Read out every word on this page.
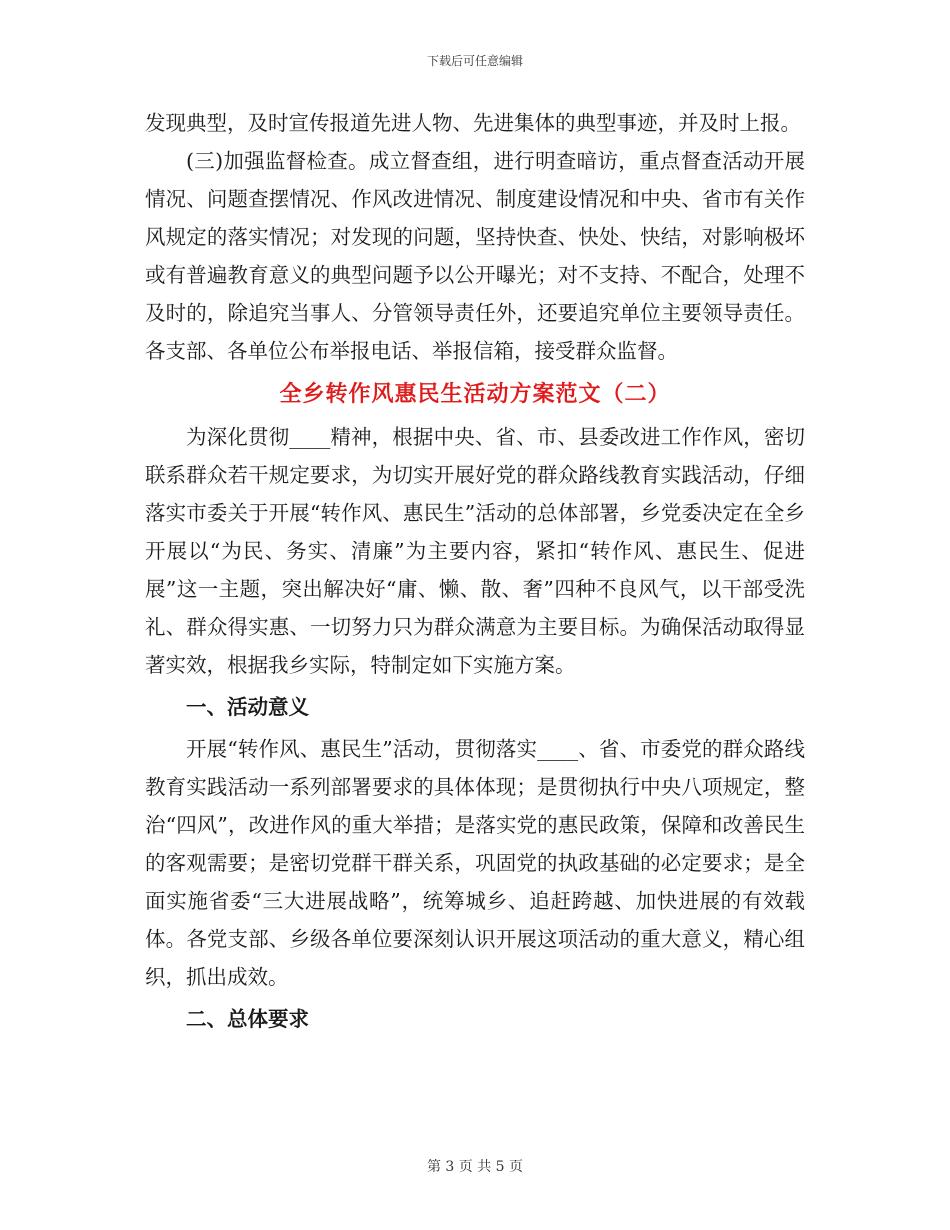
下载后可任意编辑

发现典型，及时宣传报道先进人物、先进集体的典型事迹，并及时上报。

(三)加强监督检查。成立督查组，进行明查暗访，重点督查活动开展情况、问题查摆情况、作风改进情况、制度建设情况和中央、省市有关作风规定的落实情况；对发现的问题，坚持快查、快处、快结，对影响极坏或有普遍教育意义的典型问题予以公开曝光；对不支持、不配合，处理不及时的，除追究当事人、分管领导责任外，还要追究单位主要领导责任。各支部、各单位公布举报电话、举报信箱，接受群众监督。

全乡转作风惠民生活动方案范文（二）

为深化贯彻____精神，根据中央、省、市、县委改进工作作风，密切联系群众若干规定要求，为切实开展好党的群众路线教育实践活动，仔细落实市委关于开展“转作风、惠民生”活动的总体部署，乡党委决定在全乡开展以“为民、务实、清廉”为主要内容，紧扣“转作风、惠民生、促进展”这一主题，突出解决好“庸、懒、散、奢”四种不良风气，以干部受洗礼、群众得实惠、一切努力只为群众满意为主要目标。为确保活动取得显著实效，根据我乡实际，特制定如下实施方案。

一、活动意义

开展“转作风、惠民生”活动，贯彻落实____、省、市委党的群众路线教育实践活动一系列部署要求的具体体现；是贯彻执行中央八项规定，整治“四风”，改进作风的重大举措；是落实党的惠民政策，保障和改善民生的客观需要；是密切党群干群关系，巩固党的执政基础的必定要求；是全面实施省委“三大进展战略”，统筹城乡、追赶跨越、加快进展的有效载体。各党支部、乡级各单位要深刻认识开展这项活动的重大意义，精心组织，抓出成效。

二、总体要求

第 3 页 共 5 页
